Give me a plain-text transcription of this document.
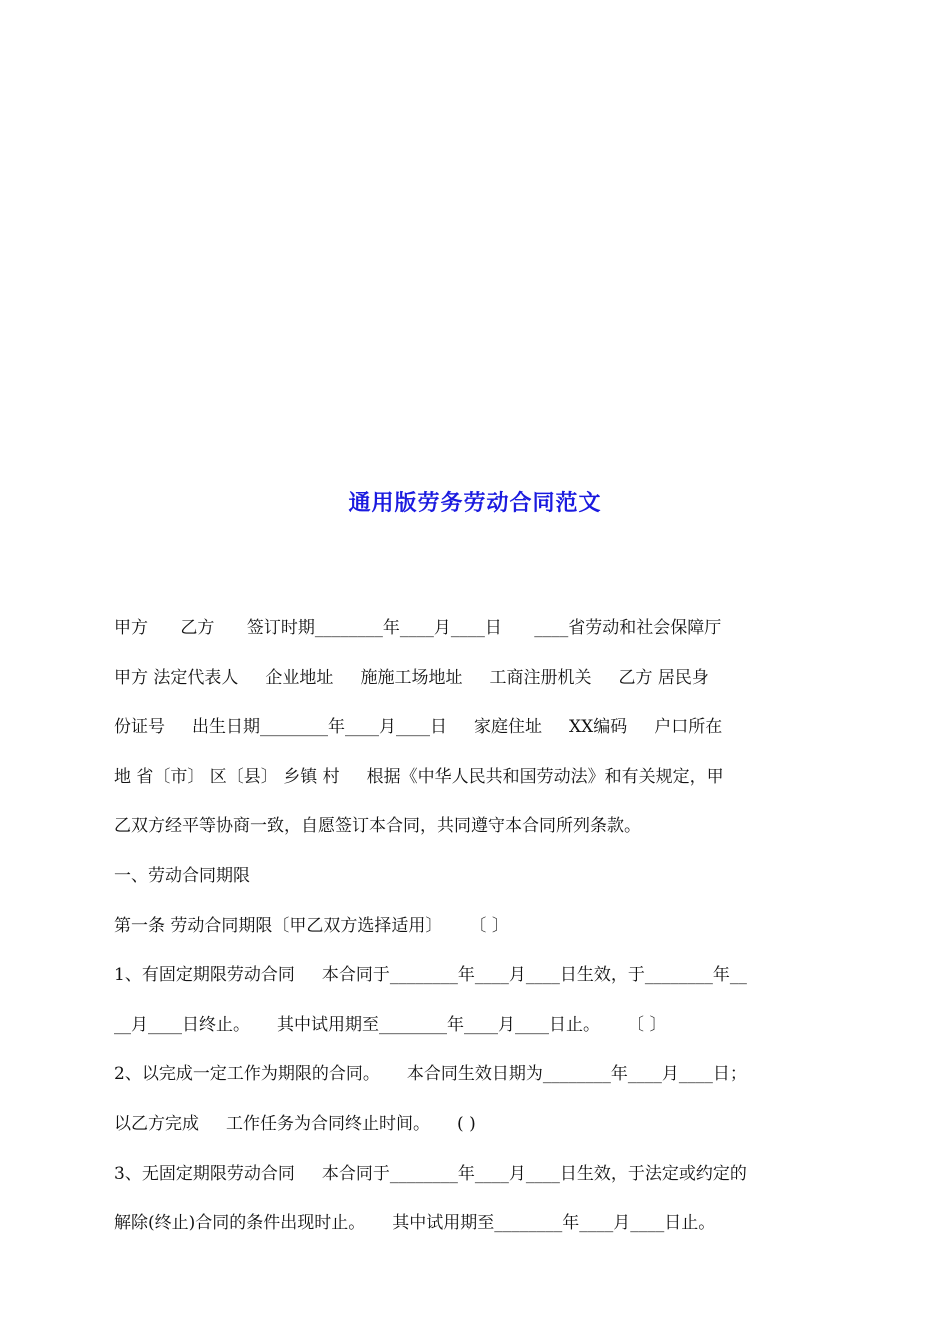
通用版劳务劳动合同范文
甲方      乙方      签订时期________年____月____日      ____省劳动和社会保障厅
甲方 法定代表人     企业地址     施施工场地址     工商注册机关     乙方 居民身
份证号     出生日期________年____月____日     家庭住址     XX编码     户口所在
地 省〔市〕 区〔县〕 乡镇 村     根据《中华人民共和国劳动法》和有关规定，甲
乙双方经平等协商一致，自愿签订本合同，共同遵守本合同所列条款。
一、劳动合同期限
第一条 劳动合同期限〔甲乙双方选择适用〕     〔 〕
1、有固定期限劳动合同     本合同于________年____月____日生效，于________年__
__月____日终止。     其中试用期至________年____月____日止。     〔 〕
2、以完成一定工作为期限的合同。     本合同生效日期为________年____月____日；
以乙方完成     工作任务为合同终止时间。     ( )
3、无固定期限劳动合同     本合同于________年____月____日生效，于法定或约定的
解除(终止)合同的条件出现时止。     其中试用期至________年____月____日止。
